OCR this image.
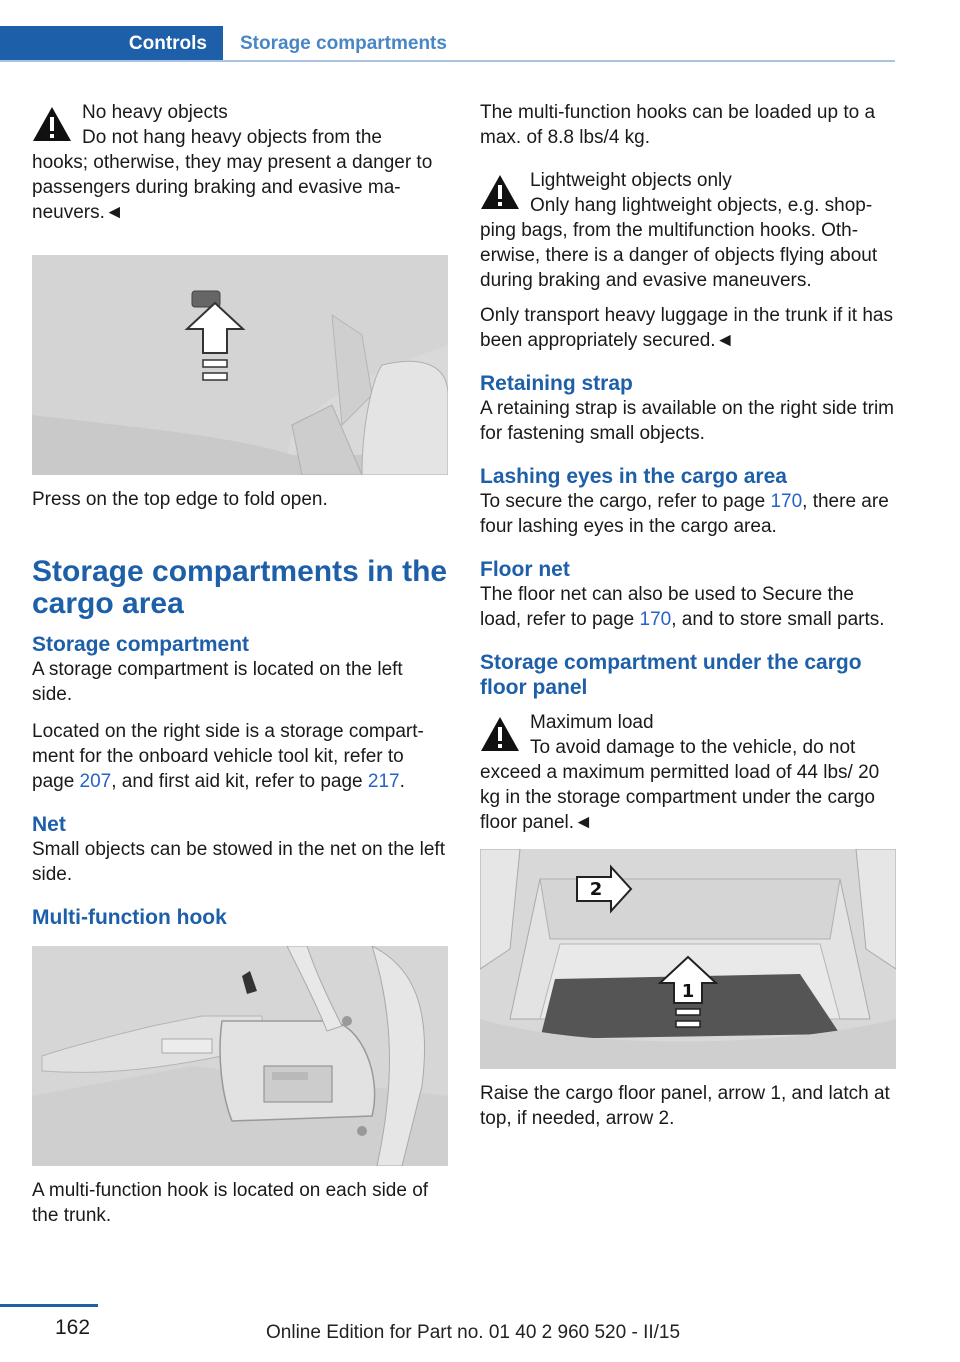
Controls Storage compartments
No heavy objects
Do not hang heavy objects from the
hooks; otherwise, they may present a danger to passengers during braking and evasive ma‐neuvers.◄

Press on the top edge to fold open.

Storage compartments in the cargo area
Storage compartment

A storage compartment is located on the left side.

Located on the right side is a storage compart‐ment for the onboard vehicle tool kit, refer to page 207, and first aid kit, refer to page 217.

Net

Small objects can be stowed in the net on the left side.

Multi-function hook

A multi-function hook is located on each side of the trunk.

The multi-function hooks can be loaded up to a max. of 8.8 lbs/4 kg.

Lightweight objects only
Only hang lightweight objects, e.g. shop‐
ping bags, from the multifunction hooks. Oth‐erwise, there is a danger of objects flying about during braking and evasive maneuvers.

Only transport heavy luggage in the trunk if it has been appropriately secured.◄

Retaining strap

A retaining strap is available on the right side trim for fastening small objects.

Lashing eyes in the cargo area

To secure the cargo, refer to page 170, there are four lashing eyes in the cargo area.

Floor net

The floor net can also be used to Secure the load, refer to page 170, and to store small parts.

Storage compartment under the cargo floor panel
Maximum load
To avoid damage to the vehicle, do not
exceed a maximum permitted load of 44 lbs/ 20 kg in the storage compartment under the cargo floor panel.◄
2
1

Raise the cargo floor panel, arrow 1, and latch at top, if needed, arrow 2.

162	Online Edition for Part no. 01 40 2 960 520 - II/15
